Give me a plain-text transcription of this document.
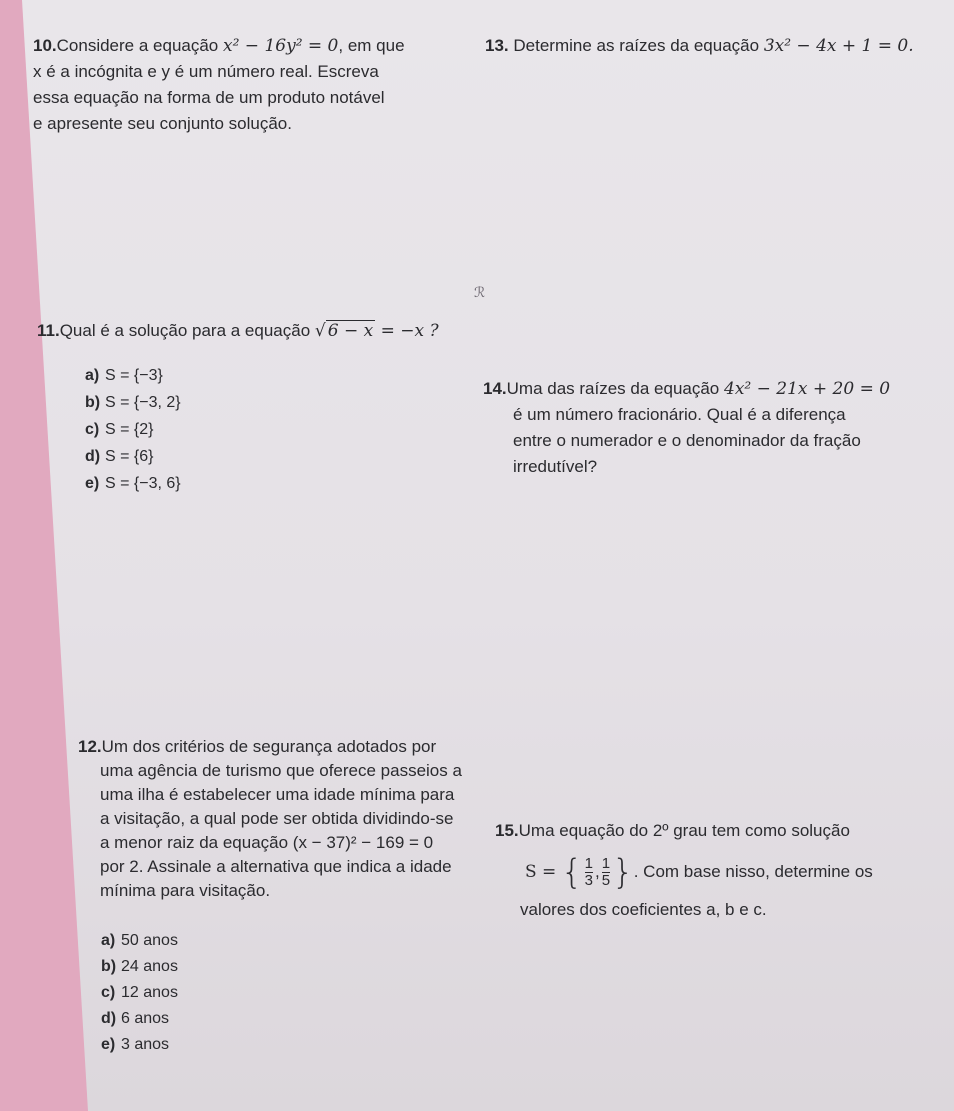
10.Considere a equação x² − 16y² = 0, em que
x é a incógnita e y é um número real. Escreva
essa equação na forma de um produto notável
e apresente seu conjunto solução.
13. Determine as raízes da equação 3x² − 4x + 1 = 0.
ℛ
11.Qual é a solução para a equação √ 6 − x = −x ?
a) S = {−3}
b) S = {−3, 2}
c) S = {2}
d) S = {6}
e) S = {−3, 6}
14.Uma das raízes da equação 4x² − 21x + 20 = 0
é um número fracionário. Qual é a diferença
entre o numerador e o denominador da fração
irredutível?
12.Um dos critérios de segurança adotados por
uma agência de turismo que oferece passeios a
uma ilha é estabelecer uma idade mínima para
a visitação, a qual pode ser obtida dividindo-se
a menor raiz da equação (x − 37)² − 169 = 0
por 2. Assinale a alternativa que indica a idade
mínima para visitação.
a) 50 anos
b) 24 anos
c) 12 anos
d) 6 anos
e) 3 anos
15.Uma equação do 2º grau tem como solução
S = { $\frac{1}{3}$ , $\frac{1}{5}$ }. Com base nisso, determine os
valores dos coeficientes a, b e c.
